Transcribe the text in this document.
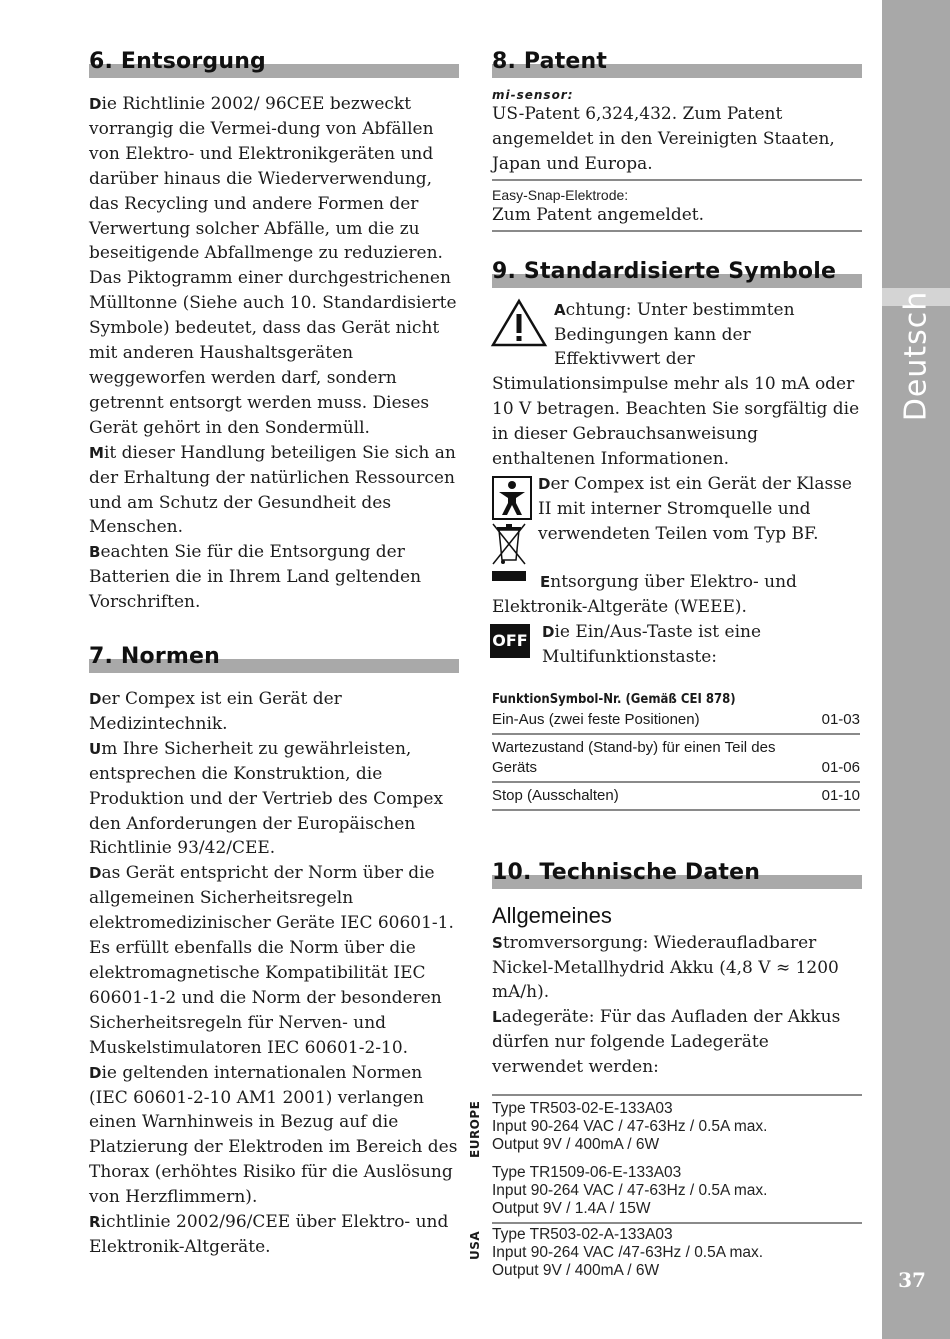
Deutsch
37
6. Entsorgung

Die Richtlinie 2002/ 96CEE bezweckt vorrangig die Vermei-dung von Abfällen von Elektro- und Elektronikgeräten und darüber hinaus die Wiederverwendung, das Recycling und andere Formen der Verwertung solcher Abfälle, um die zu beseitigende Abfallmenge zu reduzieren. Das Piktogramm einer durchgestrichenen Mülltonne (Siehe auch 10. Standardisierte Symbole) bedeutet, dass das Gerät nicht mit anderen Haushaltsgeräten weggeworfen werden darf, sondern getrennt entsorgt werden muss. Dieses Gerät gehört in den Sondermüll.

Mit dieser Handlung beteiligen Sie sich an der Erhaltung der natürlichen Ressourcen und am Schutz der Gesundheit des Menschen.

Beachten Sie für die Entsorgung der Batterien die in Ihrem Land geltenden Vorschriften.

7. Normen

Der Compex ist ein Gerät der Medizintechnik.

Um Ihre Sicherheit zu gewährleisten, entsprechen die Konstruktion, die Produktion und der Vertrieb des Compex den Anforderungen der Europäischen Richtlinie 93/42/CEE.

Das Gerät entspricht der Norm über die allgemeinen Sicherheitsregeln elektromedizinischer Geräte IEC 60601-1. Es erfüllt ebenfalls die Norm über die elektromagnetische Kompatibilität IEC 60601-1-2 und die Norm der besonderen Sicherheitsregeln für Nerven- und Muskelstimulatoren IEC 60601-2-10.

Die geltenden internationalen Normen (IEC 60601-2-10 AM1 2001) verlangen einen Warnhinweis in Bezug auf die Platzierung der Elektroden im Bereich des Thorax (erhöhtes Risiko für die Auslösung von Herzflimmern).

Richtlinie 2002/96/CEE über Elektro- und Elektronik-Altgeräte.

8. Patent
mi-sensor:

US-Patent 6,324,432. Zum Patent angemeldet in den Vereinigten Staaten, Japan und Europa.

Easy-Snap-Elektrode:

Zum Patent angemeldet.

9. Standardisierte Symbole

Achtung: Unter bestimmten Bedingungen kann der Effektivwert der Stimulationsimpulse mehr als 10 mA oder 10 V betragen. Beachten Sie sorgfältig die in dieser Gebrauchsanweisung enthaltenen Informationen.

Der Compex ist ein Gerät der Klasse II mit interner Stromquelle und verwendeten Teilen vom Typ BF.

Entsorgung über Elektro- und Elektronik-Altgeräte (WEEE).

OFF Die Ein/Aus-Taste ist eine Multifunktionstaste:

FunktionSymbol-Nr. (Gemäß CEI 878)
Ein-Aus (zwei feste Positionen)	01-03
Wartezustand (Stand-by) für einen Teil des Geräts	01-06
Stop (Ausschalten)	01-10
10. Technische Daten
Allgemeines

Stromversorgung: Wiederaufladbarer Nickel-Metallhydrid Akku (4,8 V ≈ 1200 mA/h).

Ladegeräte: Für das Aufladen der Akkus dürfen nur folgende Ladegeräte verwendet werden:

EUROPE Type TR503-02-E-133A03
Input 90-264 VAC / 47-63Hz / 0.5A max.
Output 9V / 400mA / 6W
Type TR1509-06-E-133A03
Input 90-264 VAC / 47-63Hz / 0.5A max.
Output 9V / 1.4A / 15W
USA Type TR503-02-A-133A03
Input 90-264 VAC /47-63Hz / 0.5A max.
Output 9V / 400mA / 6W
